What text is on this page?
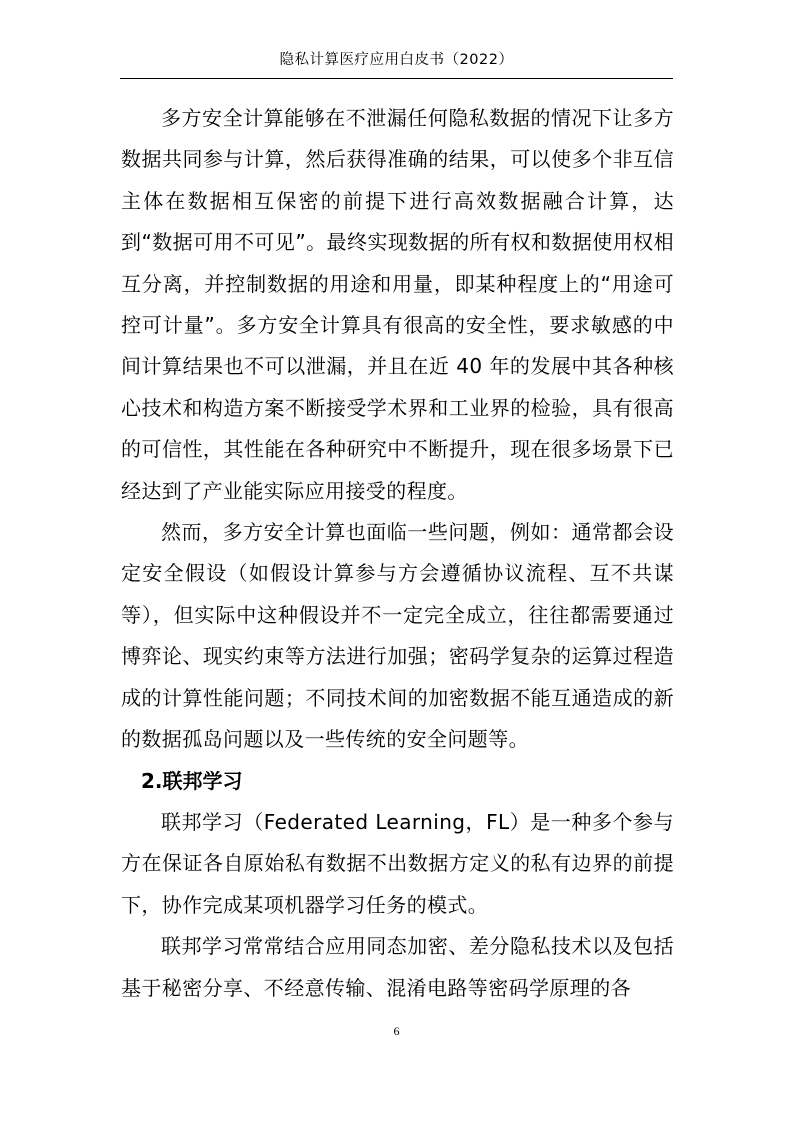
隐私计算医疗应用白皮书（2022）

多方安全计算能够在不泄漏任何隐私数据的情况下让多方数据共同参与计算，然后获得准确的结果，可以使多个非互信主体在数据相互保密的前提下进行高效数据融合计算，达到“数据可用不可见”。最终实现数据的所有权和数据使用权相互分离，并控制数据的用途和用量，即某种程度上的“用途可控可计量”。多方安全计算具有很高的安全性，要求敏感的中间计算结果也不可以泄漏，并且在近 40 年的发展中其各种核心技术和构造方案不断接受学术界和工业界的检验，具有很高的可信性，其性能在各种研究中不断提升，现在很多场景下已经达到了产业能实际应用接受的程度。

然而，多方安全计算也面临一些问题，例如：通常都会设定安全假设（如假设计算参与方会遵循协议流程、互不共谋等），但实际中这种假设并不一定完全成立，往往都需要通过博弈论、现实约束等方法进行加强；密码学复杂的运算过程造成的计算性能问题；不同技术间的加密数据不能互通造成的新的数据孤岛问题以及一些传统的安全问题等。

2.联邦学习

联邦学习（Federated Learning，FL）是一种多个参与方在保证各自原始私有数据不出数据方定义的私有边界的前提下，协作完成某项机器学习任务的模式。

联邦学习常常结合应用同态加密、差分隐私技术以及包括基于秘密分享、不经意传输、混淆电路等密码学原理的各

6
